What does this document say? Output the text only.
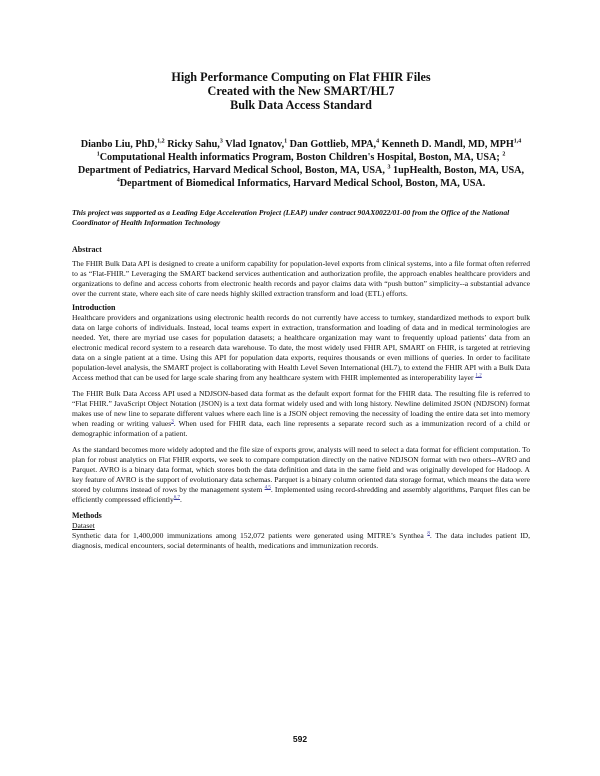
High Performance Computing on Flat FHIR Files
Created with the New SMART/HL7
Bulk Data Access Standard
Dianbo Liu, PhD,$^{1,2}$ Ricky Sahu,$^3$ Vlad Ignatov,$^1$ Dan Gottlieb, MPA,$^4$ Kenneth D. Mandl, MD, MPH$^{1,4}$
$^1$Computational Health informatics Program, Boston Children's Hospital, Boston, MA, USA; $^2$ Department of Pediatrics, Harvard Medical School, Boston, MA, USA, $^3$ 1upHealth, Boston, MA, USA, $^4$Department of Biomedical Informatics, Harvard Medical School, Boston, MA, USA.

This project was supported as a Leading Edge Acceleration Project (LEAP) under contract 90AX0022/01-00 from the Office of the National Coordinator of Health Information Technology

Abstract

The FHIR Bulk Data API is designed to create a uniform capability for population-level exports from clinical systems, into a file format often referred to as “Flat-FHIR.” Leveraging the SMART backend services authentication and authorization profile, the approach enables healthcare providers and organizations to define and access cohorts from electronic health records and payor claims data with “push button” simplicity--a substantial advance over the current state, where each site of care needs highly skilled extraction transform and load (ETL) efforts.

Introduction

Healthcare providers and organizations using electronic health records do not currently have access to turnkey, standardized methods to export bulk data on large cohorts of individuals. Instead, local teams expert in extraction, transformation and loading of data and in medical terminologies are needed. Yet, there are myriad use cases for population datasets; a healthcare organization may want to frequently upload patients’ data from an electronic medical record system to a research data warehouse. To date, the most widely used FHIR API, SMART on FHIR, is targeted at retrieving data on a single patient at a time. Using this API for population data exports, requires thousands or even millions of queries. In order to facilitate population-level analysis, the SMART project is collaborating with Health Level Seven International (HL7), to extend the FHIR API with a Bulk Data Access method that can be used for large scale sharing from any healthcare system with FHIR implemented as interoperability layer $^{1,2}$

The FHIR Bulk Data Access API used a NDJSON-based data format as the default export format for the FHIR data. The resulting file is referred to “Flat FHIR.” JavaScript Object Notation (JSON) is a text data format widely used and with long history. Newline delimited JSON (NDJSON) format makes use of new line to separate different values where each line is a JSON object removing the necessity of loading the entire data set into memory when reading or writing values$^3$. When used for FHIR data, each line represents a separate record such as a immunization record of a child or demographic information of a patient.

As the standard becomes more widely adopted and the file size of exports grow, analysts will need to select a data format for efficient computation. To plan for robust analytics on Flat FHIR exports, we seek to compare computation directly on the native NDJSON format with two others--AVRO and Parquet. AVRO is a binary data format, which stores both the data definition and data in the same field and was originally developed for Hadoop. A key feature of AVRO is the support of evolutionary data schemas. Parquet is a binary column oriented data storage format, which means the data were stored by columns instead of rows by the management system $^{4,5}$. Implemented using record-shredding and assembly algorithms, Parquet files can be efficiently compressed efficiently$^{6,7}$.

Methods

Dataset

Synthetic data for 1,400,000 immunizations among 152,072 patients were generated using MITRE’s Synthea $^8$. The data includes patient ID, diagnosis, medical encounters, social determinants of health, medications and immunization records.

592
